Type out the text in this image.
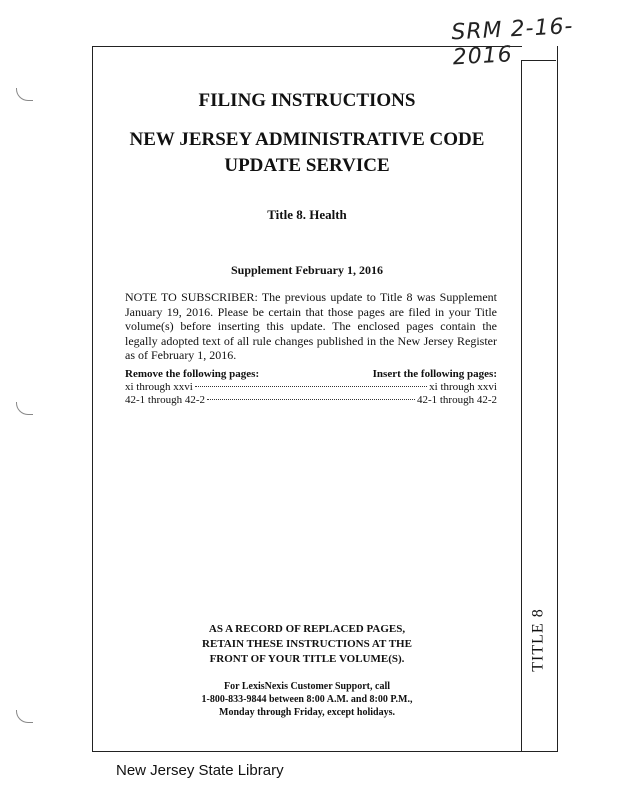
SRM 2-16-2016
FILING INSTRUCTIONS
NEW JERSEY ADMINISTRATIVE CODE
UPDATE SERVICE
Title 8. Health
Supplement February 1, 2016
NOTE TO SUBSCRIBER: The previous update to Title 8 was Supplement January 19, 2016. Please be certain that those pages are filed in your Title volume(s) before inserting this update. The enclosed pages contain the legally adopted text of all rule changes published in the New Jersey Register as of February 1, 2016.
Remove the following pages:	Insert the following pages:
xi through xxvi	xi through xxvi
42-1 through 42-2	42-1 through 42-2
AS A RECORD OF REPLACED PAGES,
RETAIN THESE INSTRUCTIONS AT THE
FRONT OF YOUR TITLE VOLUME(S).
For LexisNexis Customer Support, call
1-800-833-9844 between 8:00 A.M. and 8:00 P.M.,
Monday through Friday, except holidays.
TITLE 8
New Jersey State Library
